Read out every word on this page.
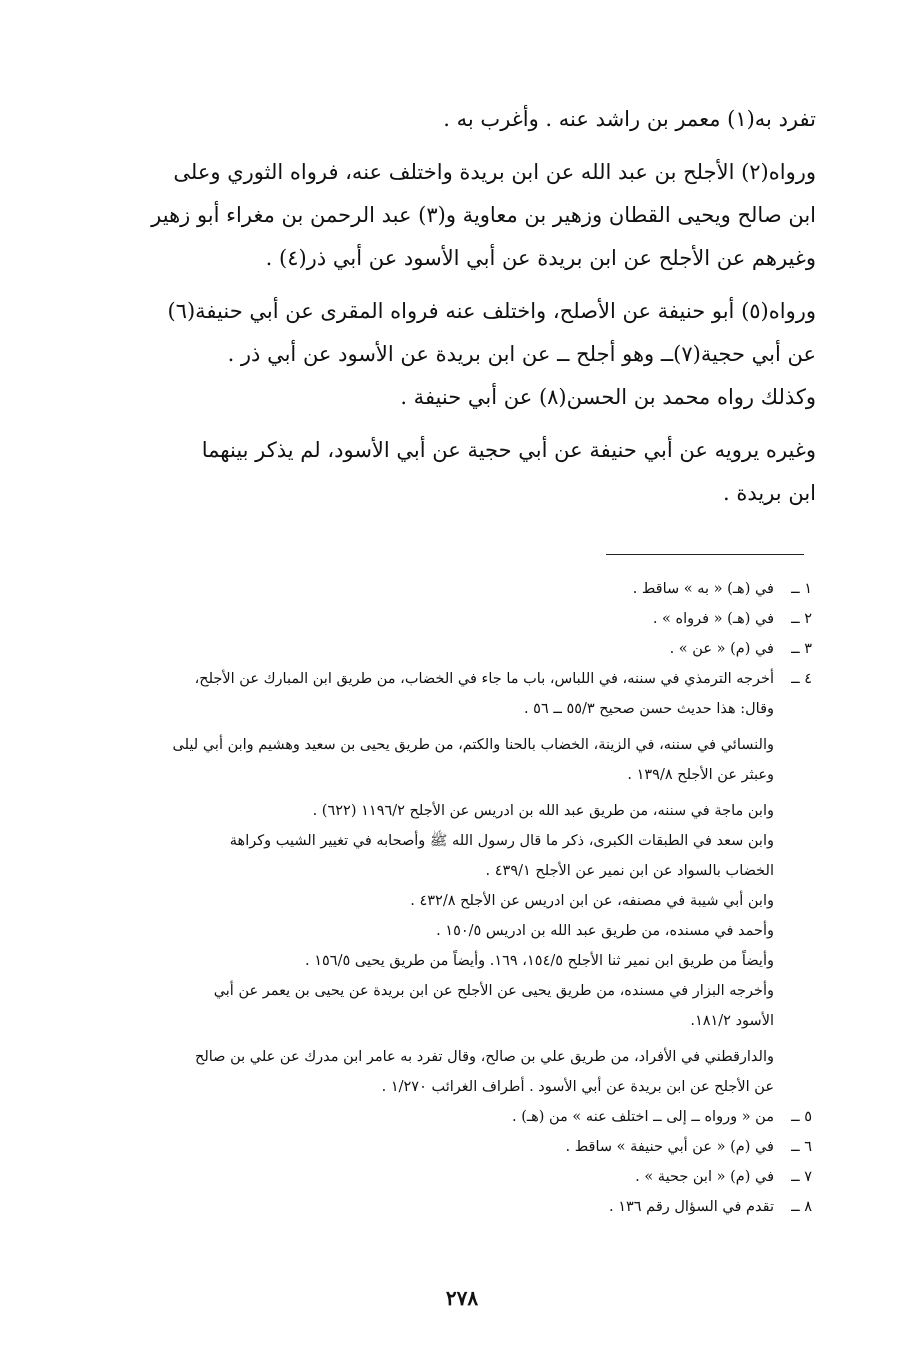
تفرد به(١) معمر بن راشد عنه . وأغرب به .
ورواه(٢) الأجلح بن عبد الله عن ابن بريدة واختلف عنه، فرواه الثوري وعلى
ابن صالح ويحيى القطان وزهير بن معاوية و(٣) عبد الرحمن بن مغراء أبو زهير
وغيرهم عن الأجلح عن ابن بريدة عن أبي الأسود عن أبي ذر(٤) .
ورواه(٥) أبو حنيفة عن الأصلح، واختلف عنه فرواه المقرى عن أبي حنيفة(٦)
عن أبي حجية(٧)ــ وهو أجلح ــ عن ابن بريدة عن الأسود عن أبي ذر .
وكذلك رواه محمد بن الحسن(٨) عن أبي حنيفة .
وغيره يرويه عن أبي حنيفة عن أبي حجية عن أبي الأسود، لم يذكر بينهما
ابن بريدة .
١ ــ
في (هـ) « به » ساقط .
٢ ــ
في (هـ) « فرواه » .
٣ ــ
في (م) « عن » .
٤ ــ
أخرجه الترمذي في سننه، في اللباس، باب ما جاء في الخضاب، من طريق ابن المبارك عن الأجلح،
وقال: هذا حديث حسن صحيح ٥٥/٣ ــ ٥٦ .
والنسائي في سننه، في الزينة، الخضاب بالحنا والكتم، من طريق يحيى بن سعيد وهشيم وابن أبي ليلى
وعبثر عن الأجلح ١٣٩/٨ .
وابن ماجة في سننه، من طريق عبد الله بن ادريس عن الأجلح ١١٩٦/٢ (٦٢٢) .
وابن سعد في الطبقات الكبرى، ذكر ما قال رسول الله ﷺ وأصحابه في تغيير الشيب وكراهة
الخضاب بالسواد عن ابن نمير عن الأجلح ٤٣٩/١ .
وابن أبي شيبة في مصنفه، عن ابن ادريس عن الأجلح ٤٣٢/٨ .
وأحمد في مسنده، من طريق عبد الله بن ادريس ١٥٠/٥ .
وأيضاً من طريق ابن نمير ثنا الأجلح ١٥٤/٥، ١٦٩. وأيضاً من طريق يحيى ١٥٦/٥ .
وأخرجه البزار في مسنده، من طريق يحيى عن الأجلح عن ابن بريدة عن يحيى بن يعمر عن أبي
الأسود ١٨١/٢.
والدارقطني في الأفراد، من طريق علي بن صالح، وقال تفرد به عامر ابن مدرك عن علي بن صالح
عن الأجلح عن ابن بريدة عن أبي الأسود . أطراف الغرائب ١/٢٧٠ .
٥ ــ
من « ورواه ــ إلى ــ اختلف عنه » من (هـ) .
٦ ــ
في (م) « عن أبي حنيفة » ساقط .
٧ ــ
في (م) « ابن جحية » .
٨ ــ
تقدم في السؤال رقم ١٣٦ .
٢٧٨
